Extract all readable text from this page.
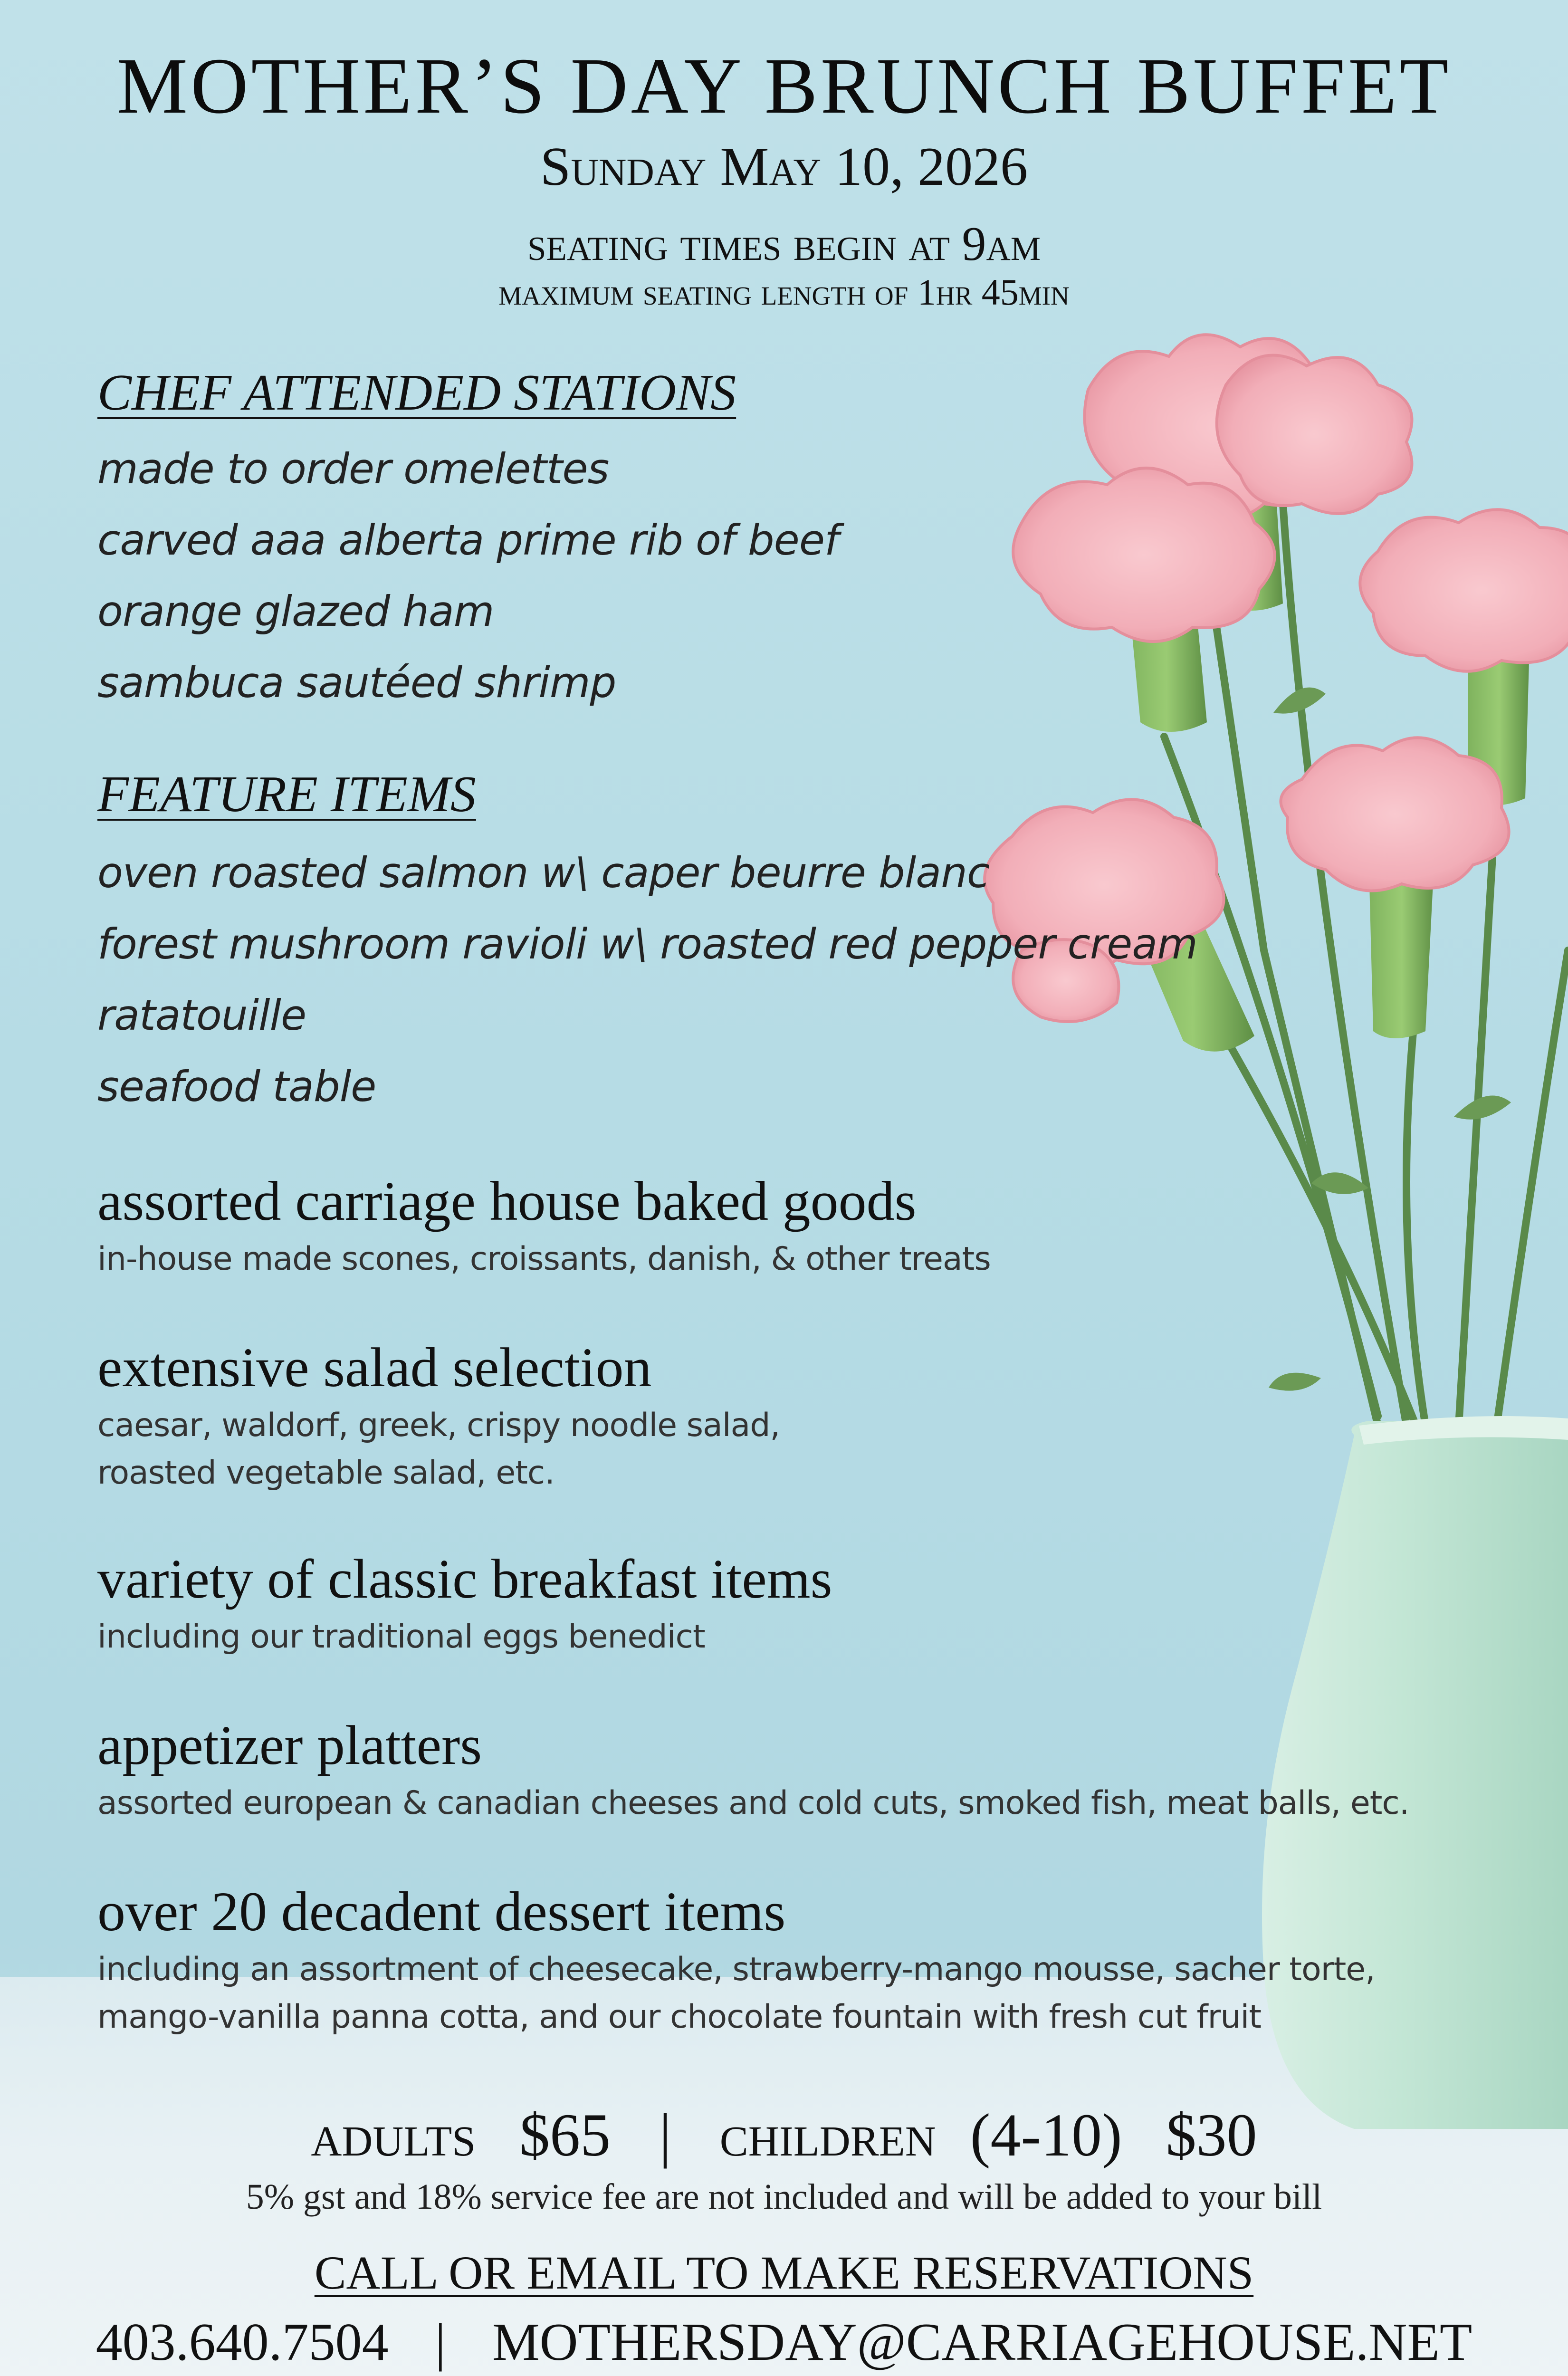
MOTHER’S DAY BRUNCH BUFFET
Sunday May 10, 2026
seating times begin at 9am
maximum seating length of 1hr 45min
CHEF ATTENDED STATIONS
made to order omelettes
carved aaa alberta prime rib of beef
orange glazed ham
sambuca sautéed shrimp
FEATURE ITEMS
oven roasted salmon w\ caper beurre blanc
forest mushroom ravioli w\ roasted red pepper cream
ratatouille
seafood table
assorted carriage house baked goods
in-house made scones, croissants, danish, & other treats
extensive salad selection
caesar, waldorf, greek, crispy noodle salad,
roasted vegetable salad, etc.
variety of classic breakfast items
including our traditional eggs benedict
appetizer platters
assorted european & canadian cheeses and cold cuts, smoked fish, meat balls, etc.
over 20 decadent dessert items
including an assortment of cheesecake, strawberry-mango mousse, sacher torte,
mango-vanilla panna cotta, and our chocolate fountain with fresh cut fruit
adults $65 | children (4-10) $30
5% gst and 18% service fee are not included and will be added to your bill
CALL OR EMAIL TO MAKE RESERVATIONS
403.640.7504 | MOTHERSDAY@CARRIAGEHOUSE.NET
